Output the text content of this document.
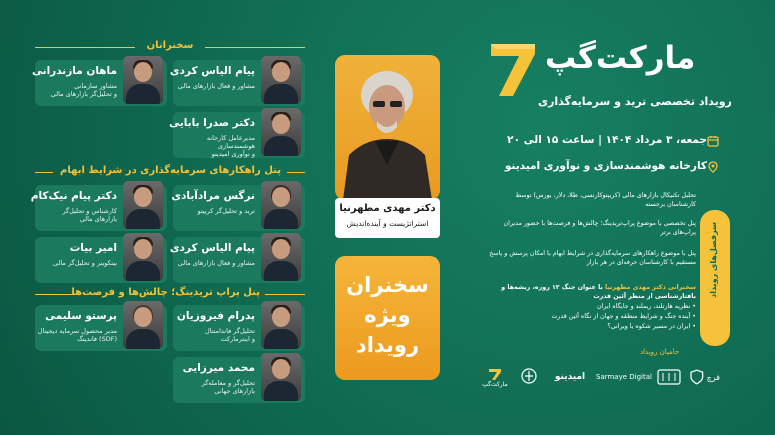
سخنرانان
ماهان مازندرانی
مشاور سازمانی
و تحلیل‌گر بازارهای مالی
پیام الیاس کردی
مشاور و فعال بازارهای مالی
دکتر صدرا بابایی
مدیرعامل کارخانه هوشمندسازی
و نوآوری امیدینو
پنل راهکارهای سرمایه‌گذاری در شرایط ابهام
دکتر پیام نیک‌کام
کارشناس و تحلیل‌گر
بازارهای مالی
نرگس مرادآبادی
ترید و تحلیل‌گر کریپتو
امیر بیات
بیتکوینر و تحلیل‌گر مالی
پیام الیاس کردی
مشاور و فعال بازارهای مالی
پنل پراپ تریدینگ؛ چالش‌ها و فرصت‌ها
پرستو سلیمی
مدیر محصول سرمایه دیجیتال
(SDF) فاندینگ
پدرام فیروزیان
تحلیل‌گر فاندامنتال
و اینترمارکت
محمد میرزایی
تحلیل‌گر و معامله‌گر
بازارهای جهانی
دکتر مهدی مطهرنیا
استراتژیست و آینده‌اندیش
سخنران
ویژه
رویداد
مارکت‌گپ
رویداد تخصصی ترید و سرمایه‌گذاری
جمعه، ۳ مرداد ۱۴۰۴ | ساعت ۱۵ الی ۲۰
کارخانه هوشمندسازی و نوآوری امیدینو
سرفصل‌های رویداد
تحلیل تکنیکال بازارهای مالی (کریپتوکارنسی، طلا، دلار، بورس) توسط کارشناسان برجسته
پنل تخصصی با موضوع پراپ‌تریدینگ؛ چالش‌ها و فرصت‌ها با حضور مدیران پراپ‌های برتر
پنل با موضوع راهکارهای سرمایه‌گذاری در شرایط ابهام با امکان پرسش و پاسخ مستقیم با کارشناسان حرفه‌ای در هر بازار
سخنرانی دکتر مهدی مطهرنیا با عنوان جنگ ۱۲ روزه، ریشه‌ها و بافتارشناسی از منظر آئین قدرت
• نظریه هارتلند، ریملند و جایگاه ایران
• آینده جنگ و شرایط منطقه و جهان از نگاه آئین قدرت
• ایران در مسیر شکوه یا ویرانی؟
حامیان رویداد
فرچ
Sarmaye Digital
امیدینو
مارکت‌گپ
